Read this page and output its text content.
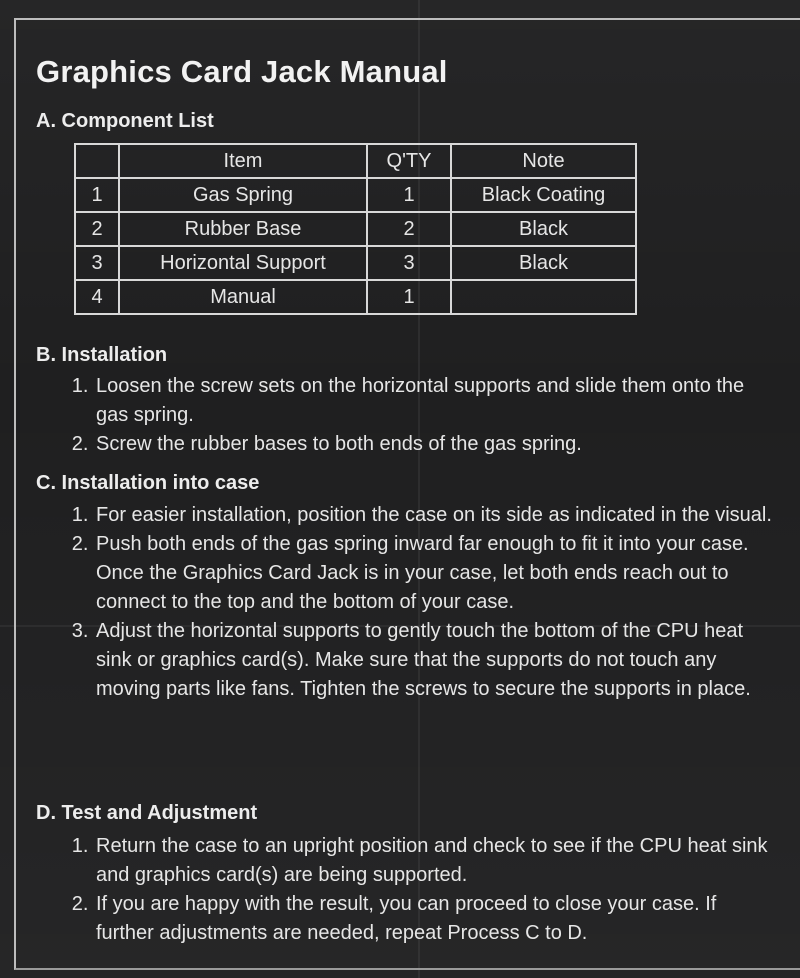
Graphics Card Jack Manual
A. Component List
	Item	Q'TY	Note
1	Gas Spring	1	Black Coating
2	Rubber Base	2	Black
3	Horizontal Support	3	Black
4	Manual	1	
B. Installation
1. Loosen the screw sets on the horizontal supports and slide them onto the gas spring.
2. Screw the rubber bases to both ends of the gas spring.
C. Installation into case
1. For easier installation, position the case on its side as indicated in the visual.
2. Push both ends of the gas spring inward far enough to fit it into your case. Once the Graphics Card Jack is in your case, let both ends reach out to connect to the top and the bottom of your case.
3. Adjust the horizontal supports to gently touch the bottom of the CPU heat sink or graphics card(s). Make sure that the supports do not touch any moving parts like fans. Tighten the screws to secure the supports in place.
D. Test and Adjustment
1. Return the case to an upright position and check to see if the CPU heat sink and graphics card(s) are being supported.
2. If you are happy with the result, you can proceed to close your case. If further adjustments are needed, repeat Process C to D.
